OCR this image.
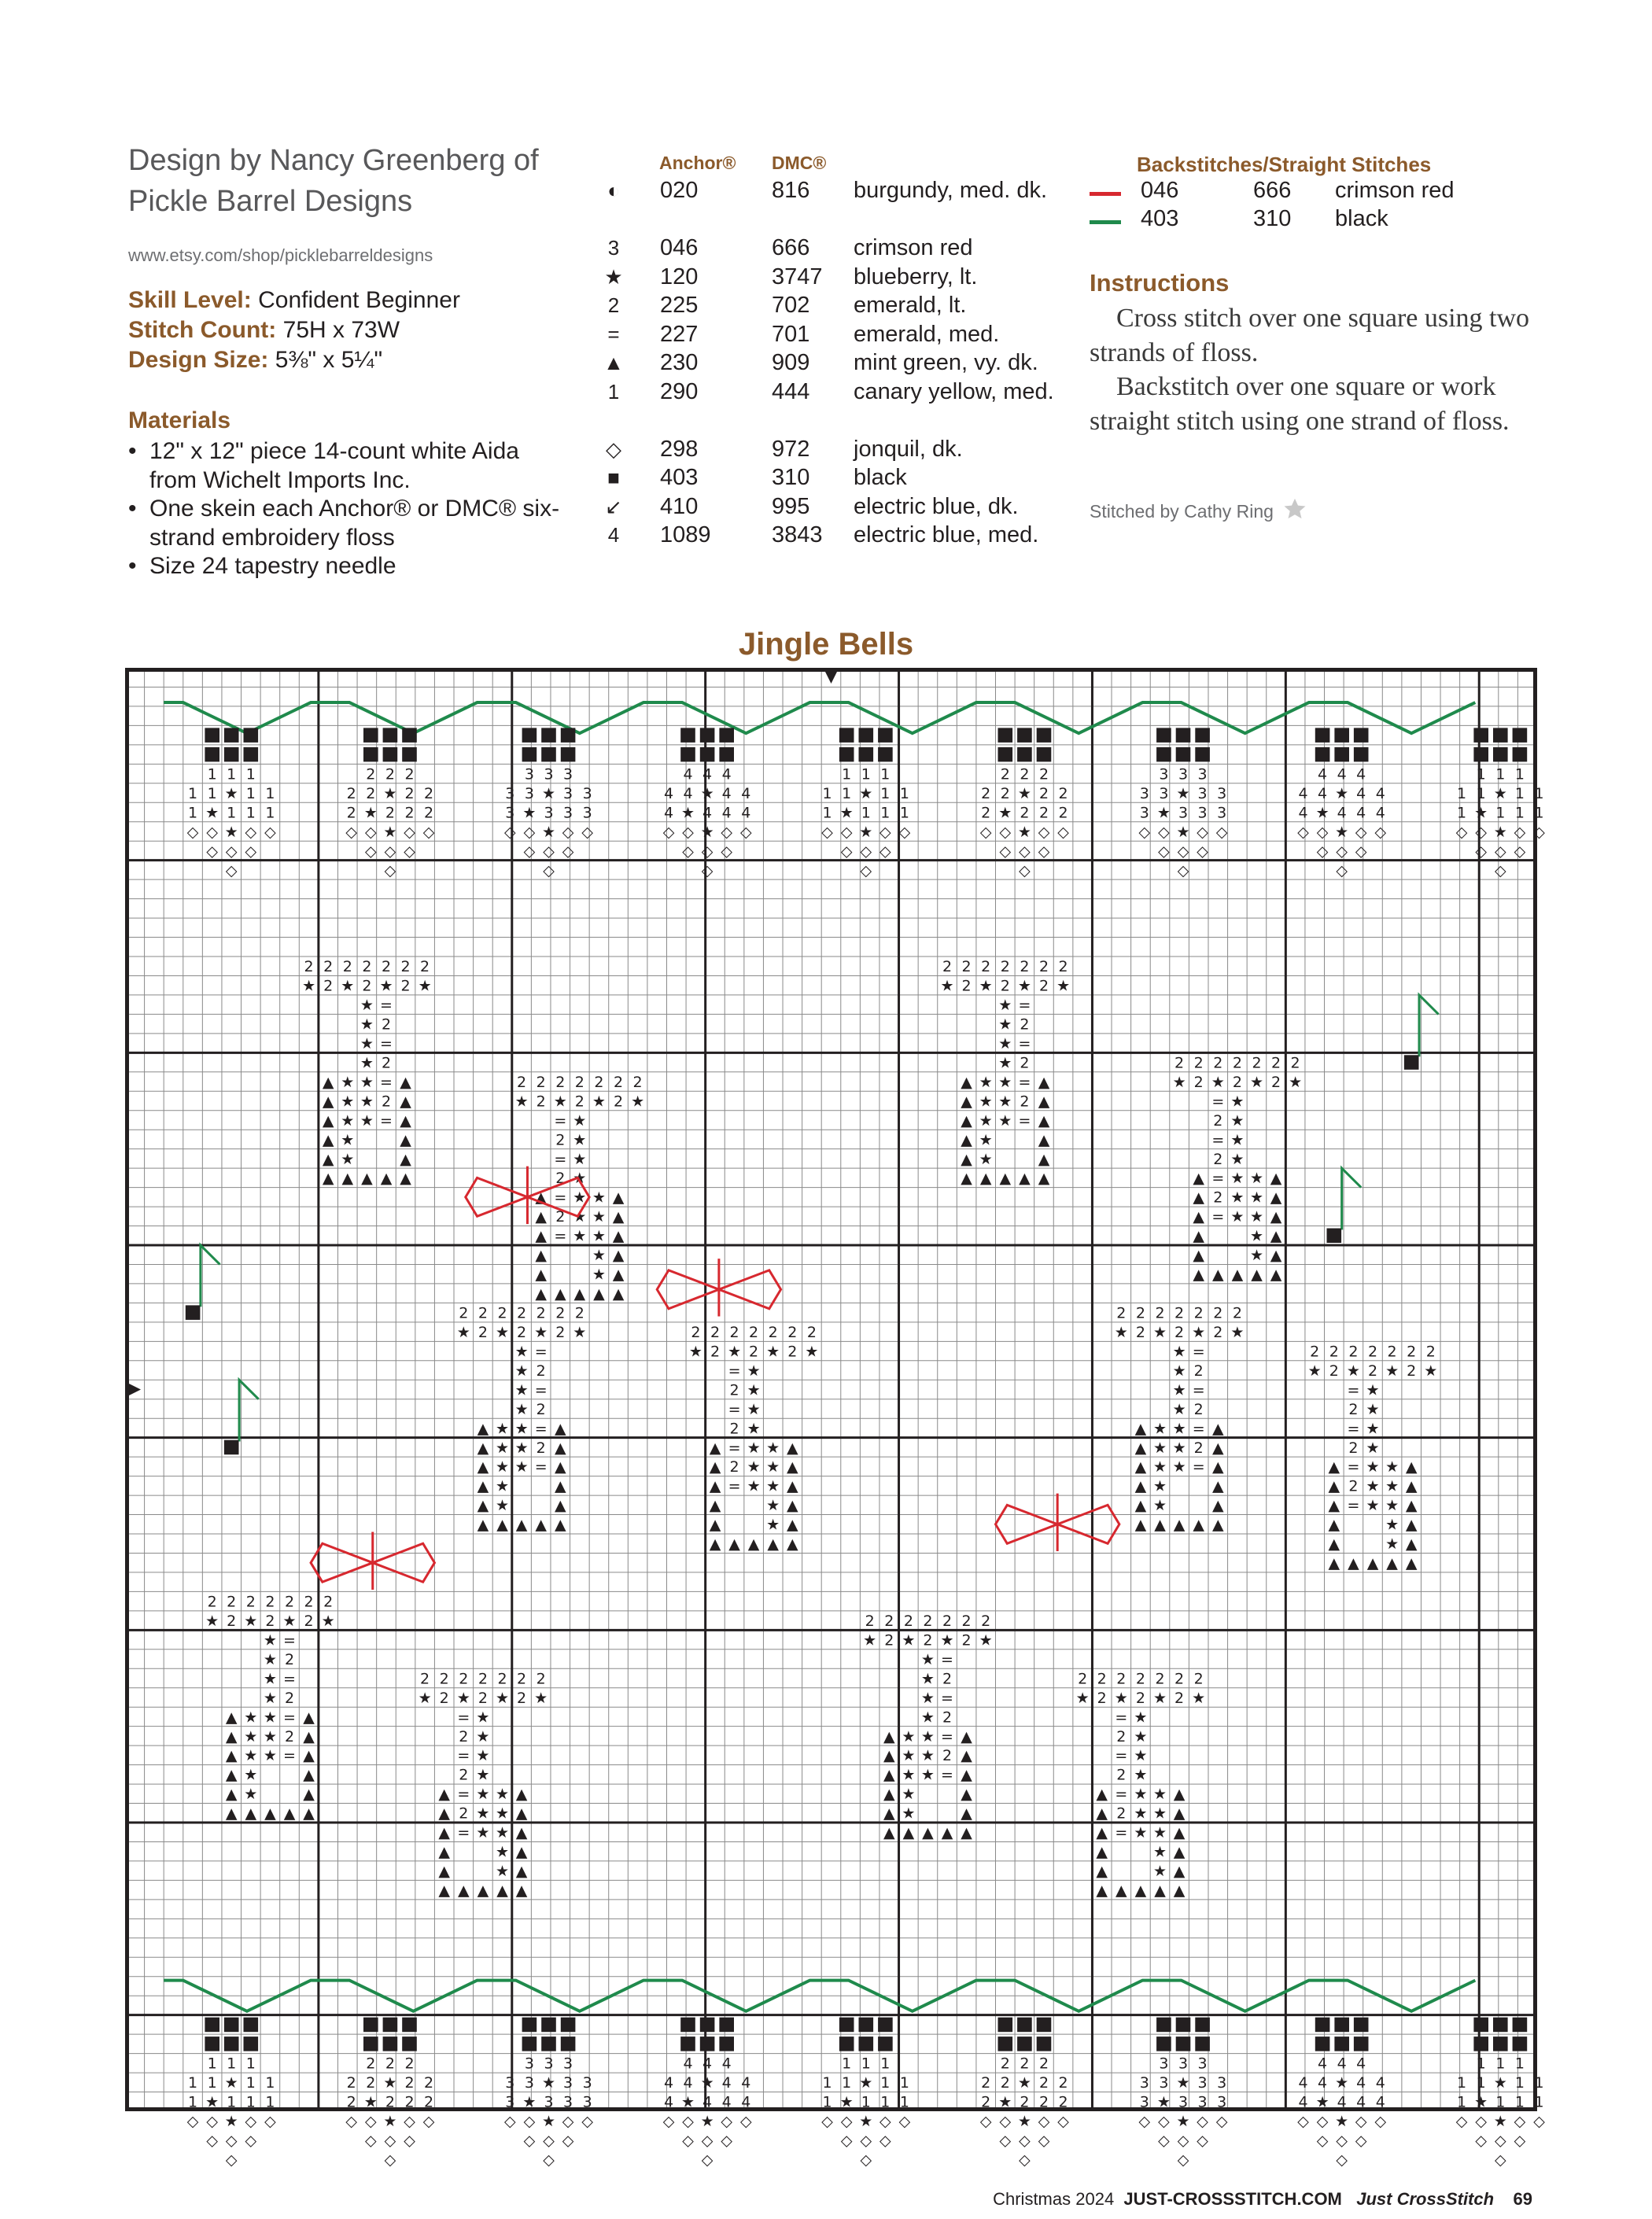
Design by Nancy Greenberg of Pickle Barrel Designs
www.etsy.com/shop/picklebarreldesigns
Skill Level: Confident Beginner
Stitch Count: 75H x 73W
Design Size: 5⅜" x 5¼"
Materials
• 12" x 12" piece 14-count white Aida from Wichelt Imports Inc.
• One skein each Anchor® or DMC® six-strand embroidery floss
• Size 24 tapestry needle
Anchor® DMC®
◐	020	816 burgundy, med. dk.
3	046	666 crimson red
★ 120	3747 blueberry, lt.
2	225	702 emerald, lt.
=	227	701 emerald, med.
▲ 230	909 mint green, vy. dk.
1	290	444 canary yellow, med.
◇	298	972 jonquil, dk.
■	403	310 black
↙	410	995 electric blue, dk.
4	1089	3843 electric blue, med.
Backstitches/Straight Stitches
046	666 crimson red
403	310 black
Instructions

Cross stitch over one square using two strands of floss.

Backstitch over one square or work straight stitch using one strand of floss.

Stitched by Cathy Ring
Jingle Bells
1 1 1
1 1 ★ 1 1
1 ★ 1 1 1
◇ ◇ ★ ◇ ◇
◇ ◇ ◇
◇
2 2 2
2 2 ★ 2 2
2 ★ 2 2 2
◇ ◇ ★ ◇ ◇
◇ ◇ ◇
◇
3 3 3
3 3 ★ 3 3
3 ★ 3 3 3
◇ ◇ ★ ◇ ◇
◇ ◇ ◇
◇
4 4 4
4 4 ★ 4 4
4 ★ 4 4 4
◇ ◇ ★ ◇ ◇
◇ ◇ ◇
◇
1 1 1
1 1 ★ 1 1
1 ★ 1 1 1
◇ ◇ ★ ◇ ◇
◇ ◇ ◇
◇
2 2 2
2 2 ★ 2 2
2 ★ 2 2 2
◇ ◇ ★ ◇ ◇
◇ ◇ ◇
◇
3 3 3
3 3 ★ 3 3
3 ★ 3 3 3
◇ ◇ ★ ◇ ◇
◇ ◇ ◇
◇
4 4 4
4 4 ★ 4 4
4 ★ 4 4 4
◇ ◇ ★ ◇ ◇
◇ ◇ ◇
◇
1 1 1
1 1 ★ 1 1
1 ★ 1 1 1
◇ ◇ ★ ◇ ◇
◇ ◇ ◇
◇
1 1 1
1 1 ★ 1 1
1 ★ 1 1 1
◇ ◇ ★ ◇ ◇
◇ ◇ ◇
◇
2 2 2
2 2 ★ 2 2
2 ★ 2 2 2
◇ ◇ ★ ◇ ◇
◇ ◇ ◇
◇
3 3 3
3 3 ★ 3 3
3 ★ 3 3 3
◇ ◇ ★ ◇ ◇
◇ ◇ ◇
◇
4 4 4
4 4 ★ 4 4
4 ★ 4 4 4
◇ ◇ ★ ◇ ◇
◇ ◇ ◇
◇
1 1 1
1 1 ★ 1 1
1 ★ 1 1 1
◇ ◇ ★ ◇ ◇
◇ ◇ ◇
◇
2 2 2
2 2 ★ 2 2
2 ★ 2 2 2
◇ ◇ ★ ◇ ◇
◇ ◇ ◇
◇
3 3 3
3 3 ★ 3 3
3 ★ 3 3 3
◇ ◇ ★ ◇ ◇
◇ ◇ ◇
◇
4 4 4
4 4 ★ 4 4
4 ★ 4 4 4
◇ ◇ ★ ◇ ◇
◇ ◇ ◇
◇
1 1 1
1 1 ★ 1 1
1 ★ 1 1 1
◇ ◇ ★ ◇ ◇
◇ ◇ ◇
◇
2 2 2 2 2 2 2
★ 2 ★ 2 ★ 2 ★
★ =
★ 2
★ =
★ 2
★ =
★ 2
★ =
▲ ★	▲
▲ ★	▲
▲ ★	▲
▲ ★	▲
▲ ★	▲
▲ ▲ ▲ ▲ ▲
2
2
2
2
2
2
2
★
2
★
2
★
2
★
★
=
★
2
★
=
★
2
★
=
★
2
★
=
▲
★
▲
▲
★
▲
▲
★
▲
▲
★
▲
▲
★
▲
▲
▲
▲
▲
▲
2 2 2 2 2 2 2
★ 2 ★ 2 ★ 2 ★
★ =
★ 2
★ =
★ 2
★ =
★ 2
★ =
▲ ★	▲
▲ ★	▲
▲ ★	▲
▲ ★	▲
▲ ★	▲
▲ ▲ ▲ ▲ ▲
2
2
2
2
2
2
2
★
2
★
2
★
2
★
★
=
★
2
★
=
★
2
★
=
★
2
★
=
▲
★
▲
▲
★
▲
▲
★
▲
▲
★
▲
▲
★
▲
▲
▲
▲
▲
▲
2 2 2 2 2 2 2
★ 2 ★ 2 ★ 2 ★
★ =
★ 2
★ =
★ 2
★ =
★ 2
★ =
▲ ★	▲
▲ ★	▲
▲ ★	▲
▲ ★	▲
▲ ★	▲
▲ ▲ ▲ ▲ ▲
2
2
2
2
2
2
2
★
2
★
2
★
2
★
★
=
★
2
★
=
★
2
★
=
★
2
★
=
▲
★
▲
▲
★
▲
▲
★
▲
▲
★
▲
▲
★
▲
▲
▲
▲
▲
▲
2 2 2 2 2 2 2
★ 2 ★ 2 ★ 2 ★
★ =
★ 2
★ =
★ 2
★ =
★ 2
★ =
▲ ★	▲
▲ ★	▲
▲ ★	▲
▲ ★	▲
▲ ★	▲
▲ ▲ ▲ ▲ ▲
2
2
2
2
2
2
2
★
2
★
2
★
2
★
★
=
★
2
★
=
★
2
★
=
★
2
★
=
▲
★
▲
▲
★
▲
▲
★
▲
▲
★
▲
▲
★
▲
▲
▲
▲
▲
▲
2 2 2 2 2 2 2
★ 2 ★ 2 ★ 2 ★
★ =
★ 2
★ =
★ 2
★ =
★ 2
★ =
▲ ★	▲
▲ ★	▲
▲ ★	▲
▲ ★	▲
▲ ★	▲
▲ ▲ ▲ ▲ ▲
2
2
2
2
2
2
2
★
2
★
2
★
2
★
★
=
★
2
★
=
★
2
★
=
★
2
★
=
▲
★
▲
▲
★
▲
▲
★
▲
▲
★
▲
▲
★
▲
▲
▲
▲
▲
▲
2 2 2 2 2 2 2
★ 2 ★ 2 ★ 2 ★
★ =
★ 2
★ =
★ 2
★ =
★ 2
★ =
▲ ★	▲
▲ ★	▲
▲ ★	▲
▲ ★	▲
▲ ★	▲
▲ ▲ ▲ ▲ ▲
2
2
2
2
2
2
2
★
2
★
2
★
2
★
★
=
★
2
★
=
★
2
★
=
★
2
★
=
▲
★
▲
▲
★
▲
▲
★
▲
▲
★
▲
▲
★
▲
▲
▲
▲
▲
▲
Christmas 2024 JUST-CROSSSTITCH.COM Just CrossStitch 69
